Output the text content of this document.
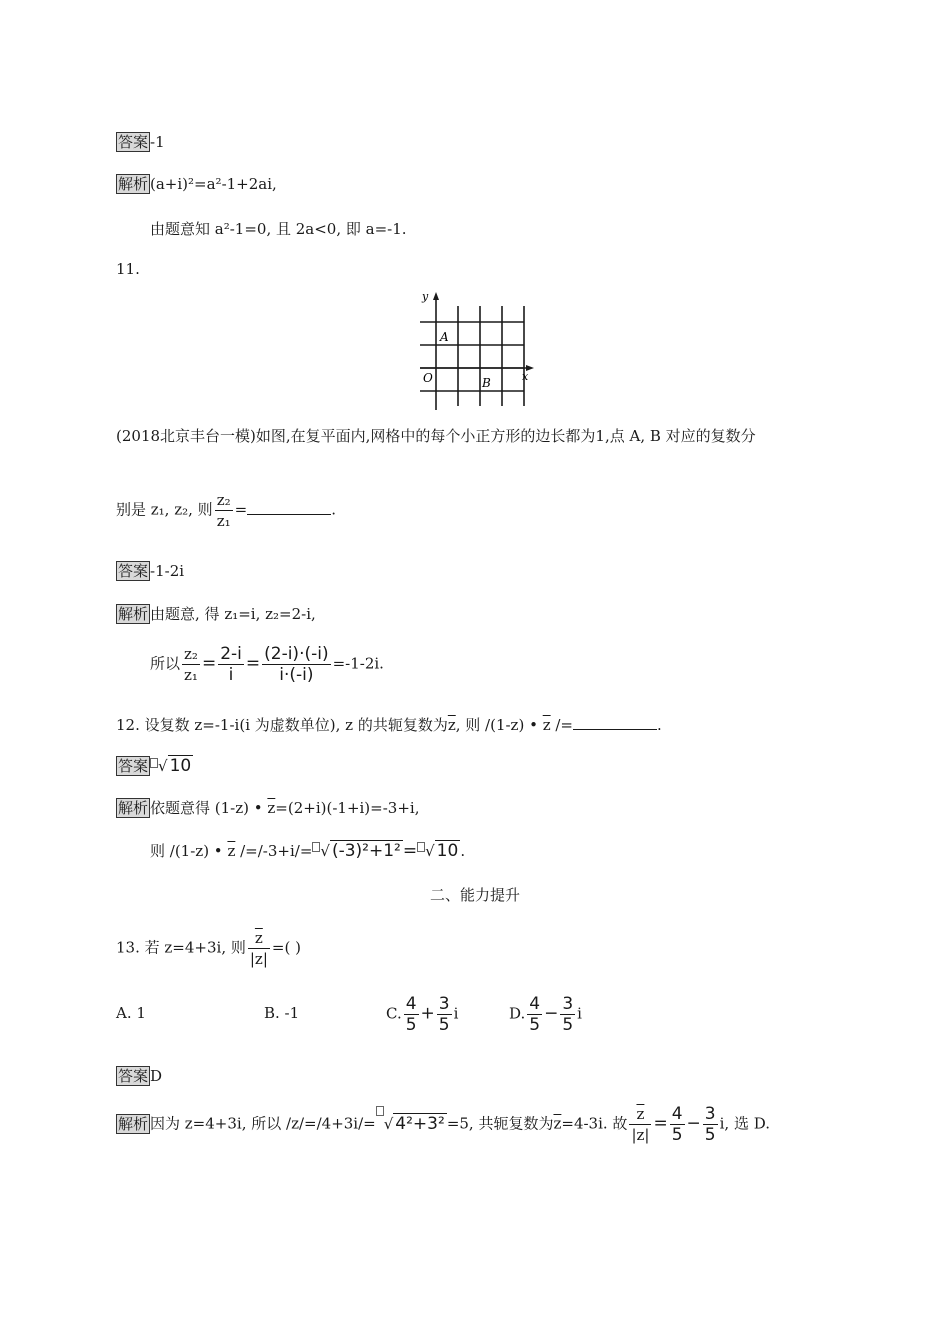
答案 -1
解析 (a+i)²=a²-1+2ai,
由题意知 a²-1=0, 且 2a<0, 即 a=-1.
11.
y
x
O
A
B
(2018北京丰台一模)如图,在复平面内,网格中的每个小正方形的边长都为1,点 A, B 对应的复数分
别是 z₁, z₂, 则 $\frac{\text{z₂}}{\text{z₁}}$ =	.
答案 -1-2i
解析 由题意, 得 z₁=i, z₂=2-i,
所以 $\frac{\text{z₂}}{\text{z₁}} = \frac{2-i}{i} = \frac{(2-i)\cdot(-i)}{i\cdot(-i)} =-1-2i$.
12. 设复数 z=-1-i(i 为虚数单位), z 的共轭复数为$\overline{z}$, 则 /(1-z) • $\overline{z}$ /=	.
答案 √ 10
解析 依题意得 (1-z) • $\overline{z}=(2+i)(-1+i)=-3+i$,
则 /(1-z) • $\overline{z}$ /=/-3+i/= √ (-3)²+1² = √ 10 .
二、能力提升
13. 若 z=4+3i, 则 $\frac{\overline{z}}{|z|}$ =( )
A. 1	B. -1	C. $\frac{4}{5} + \frac{3}{5}$ i	D. $\frac{4}{5} - \frac{3}{5}$ i
答案 D
解析 因为 z=4+3i, 所以 /z/=/4+3i/= √ 4²+3² =5, 共轭复数为$\overline{z}=4-3i$. 故 $\frac{\overline{z}}{|z|} = \frac{4}{5} - \frac{3}{5} i$, 选 D.
